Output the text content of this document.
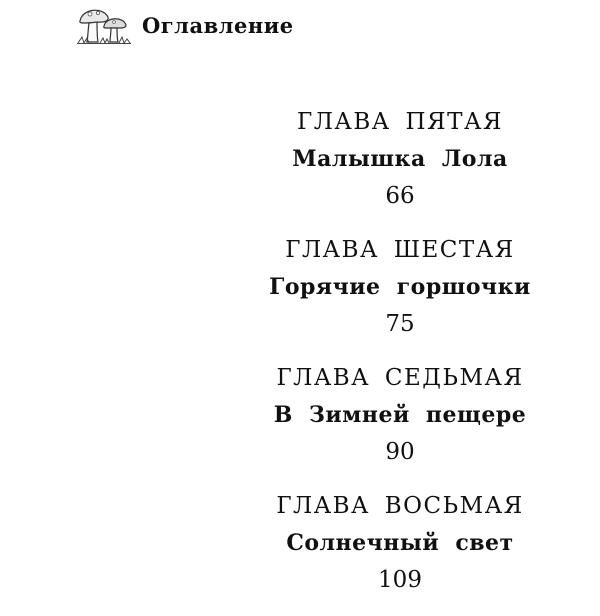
Оглавление
ГЛАВА ПЯТАЯ
Малышка Лола
66
ГЛАВА ШЕСТАЯ
Горячие горшочки
75
ГЛАВА СЕДЬМАЯ
В Зимней пещере
90
ГЛАВА ВОСЬМАЯ
Солнечный свет
109
